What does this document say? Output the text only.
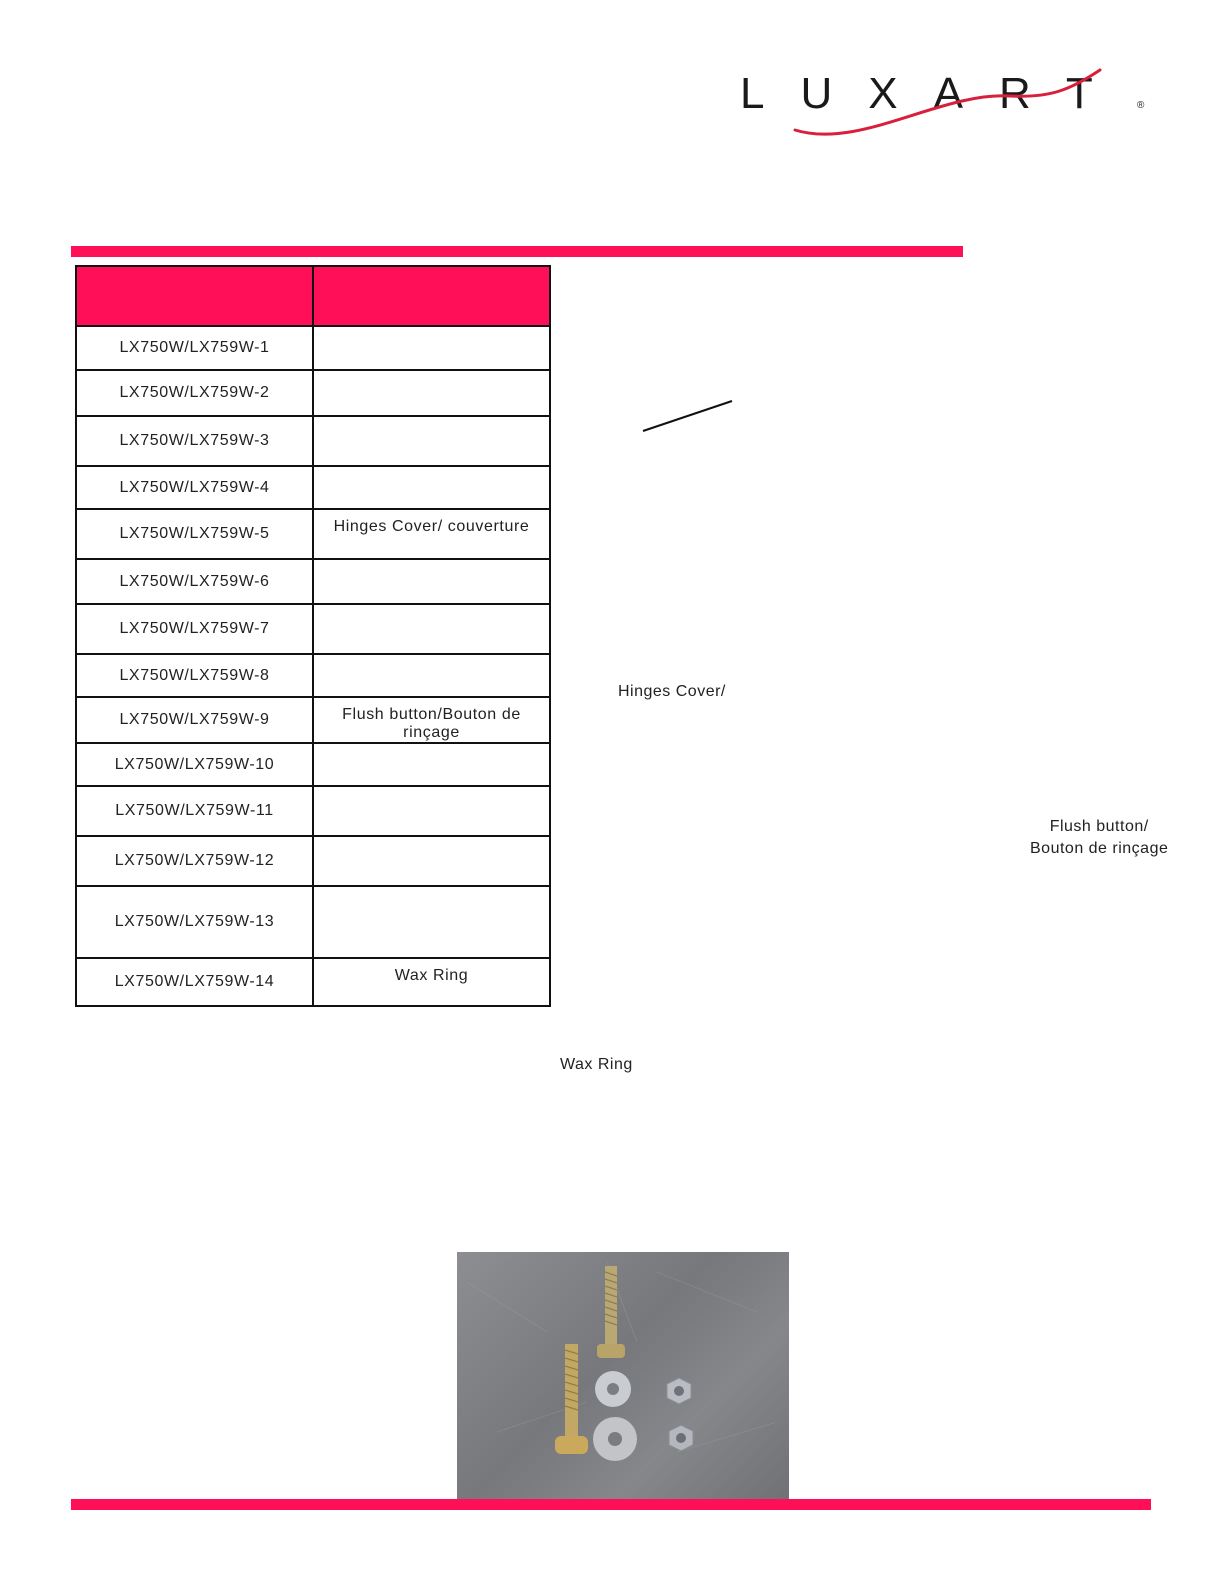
LUXART ®

LX750W/LX759W-1	
LX750W/LX759W-2	
LX750W/LX759W-3	
LX750W/LX759W-4	
LX750W/LX759W-5	Hinges Cover/ couverture
LX750W/LX759W-6	
LX750W/LX759W-7	
LX750W/LX759W-8	
LX750W/LX759W-9	Flush button/Bouton de rinçage
LX750W/LX759W-10	
LX750W/LX759W-11	
LX750W/LX759W-12	
LX750W/LX759W-13	
LX750W/LX759W-14	Wax Ring
Hinges Cover/
Flush button/
Bouton de rinçage
Wax Ring
